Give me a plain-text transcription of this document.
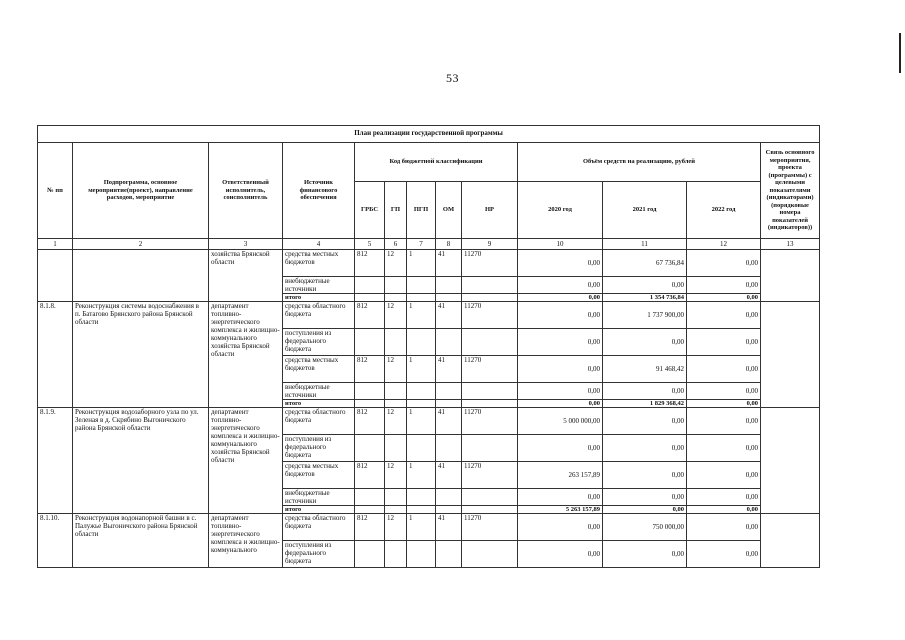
53
План реализации государственной программы												
№ пп	Подпрограмма, основное мероприятие(проект), направление расходов, мероприятие	Ответственный исполнитель, соисполнитель	Источник финансового обеспечения	Код бюджетной классификации					Объём средств на реализацию, рублей			Связь основного мероприятия, проекта (программы) с целевыми показателями (индикаторами) (порядковые номера показателей (индикаторов))
				ГРБС	ГП	ПГП	ОМ	НР	2020 год	2021 год	2022 год	
1	2	3	4	5	6	7	8	9	10	11	12	13
		хозяйства Брянской области	средства местных бюджетов	812	12	1	41	11270	0,00	67 736,84	0,00	
			внебюджетные источники						0,00	0,00	0,00	
			итого						0,00	1 354 736,84	0,00	
8.1.8.	Реконструкция системы водоснабжения в п. Батагово Брянского района Брянской области	департамент топливно-энергетического комплекса и жилищно-коммунального хозяйства Брянской области	средства областного бюджета	812	12	1	41	11270	0,00	1 737 900,00	0,00	
			поступления из федерального бюджета						0,00	0,00	0,00	
			средства местных бюджетов	812	12	1	41	11270	0,00	91 468,42	0,00	
			внебюджетные источники						0,00	0,00	0,00	
			итого						0,00	1 829 368,42	0,00	
8.1.9.	Реконструкция водозаборного узла по ул. Зеленая в д. Скрябино Выгоничского района Брянской области	департамент топливно-энергетического комплекса и жилищно-коммунального хозяйства Брянской области	средства областного бюджета	812	12	1	41	11270	5 000 000,00	0,00	0,00	
			поступления из федерального бюджета						0,00	0,00	0,00	
			средства местных бюджетов	812	12	1	41	11270	263 157,89	0,00	0,00	
			внебюджетные источники						0,00	0,00	0,00	
			итого						5 263 157,89	0,00	0,00	
8.1.10.	Реконструкция водонапорной башни в с. Палужье Выгоничского района Брянской области	департамент топливно-энергетического комплекса и жилищно-коммунального	средства областного бюджета	812	12	1	41	11270	0,00	750 000,00	0,00	
			поступления из федерального бюджета						0,00	0,00	0,00	
